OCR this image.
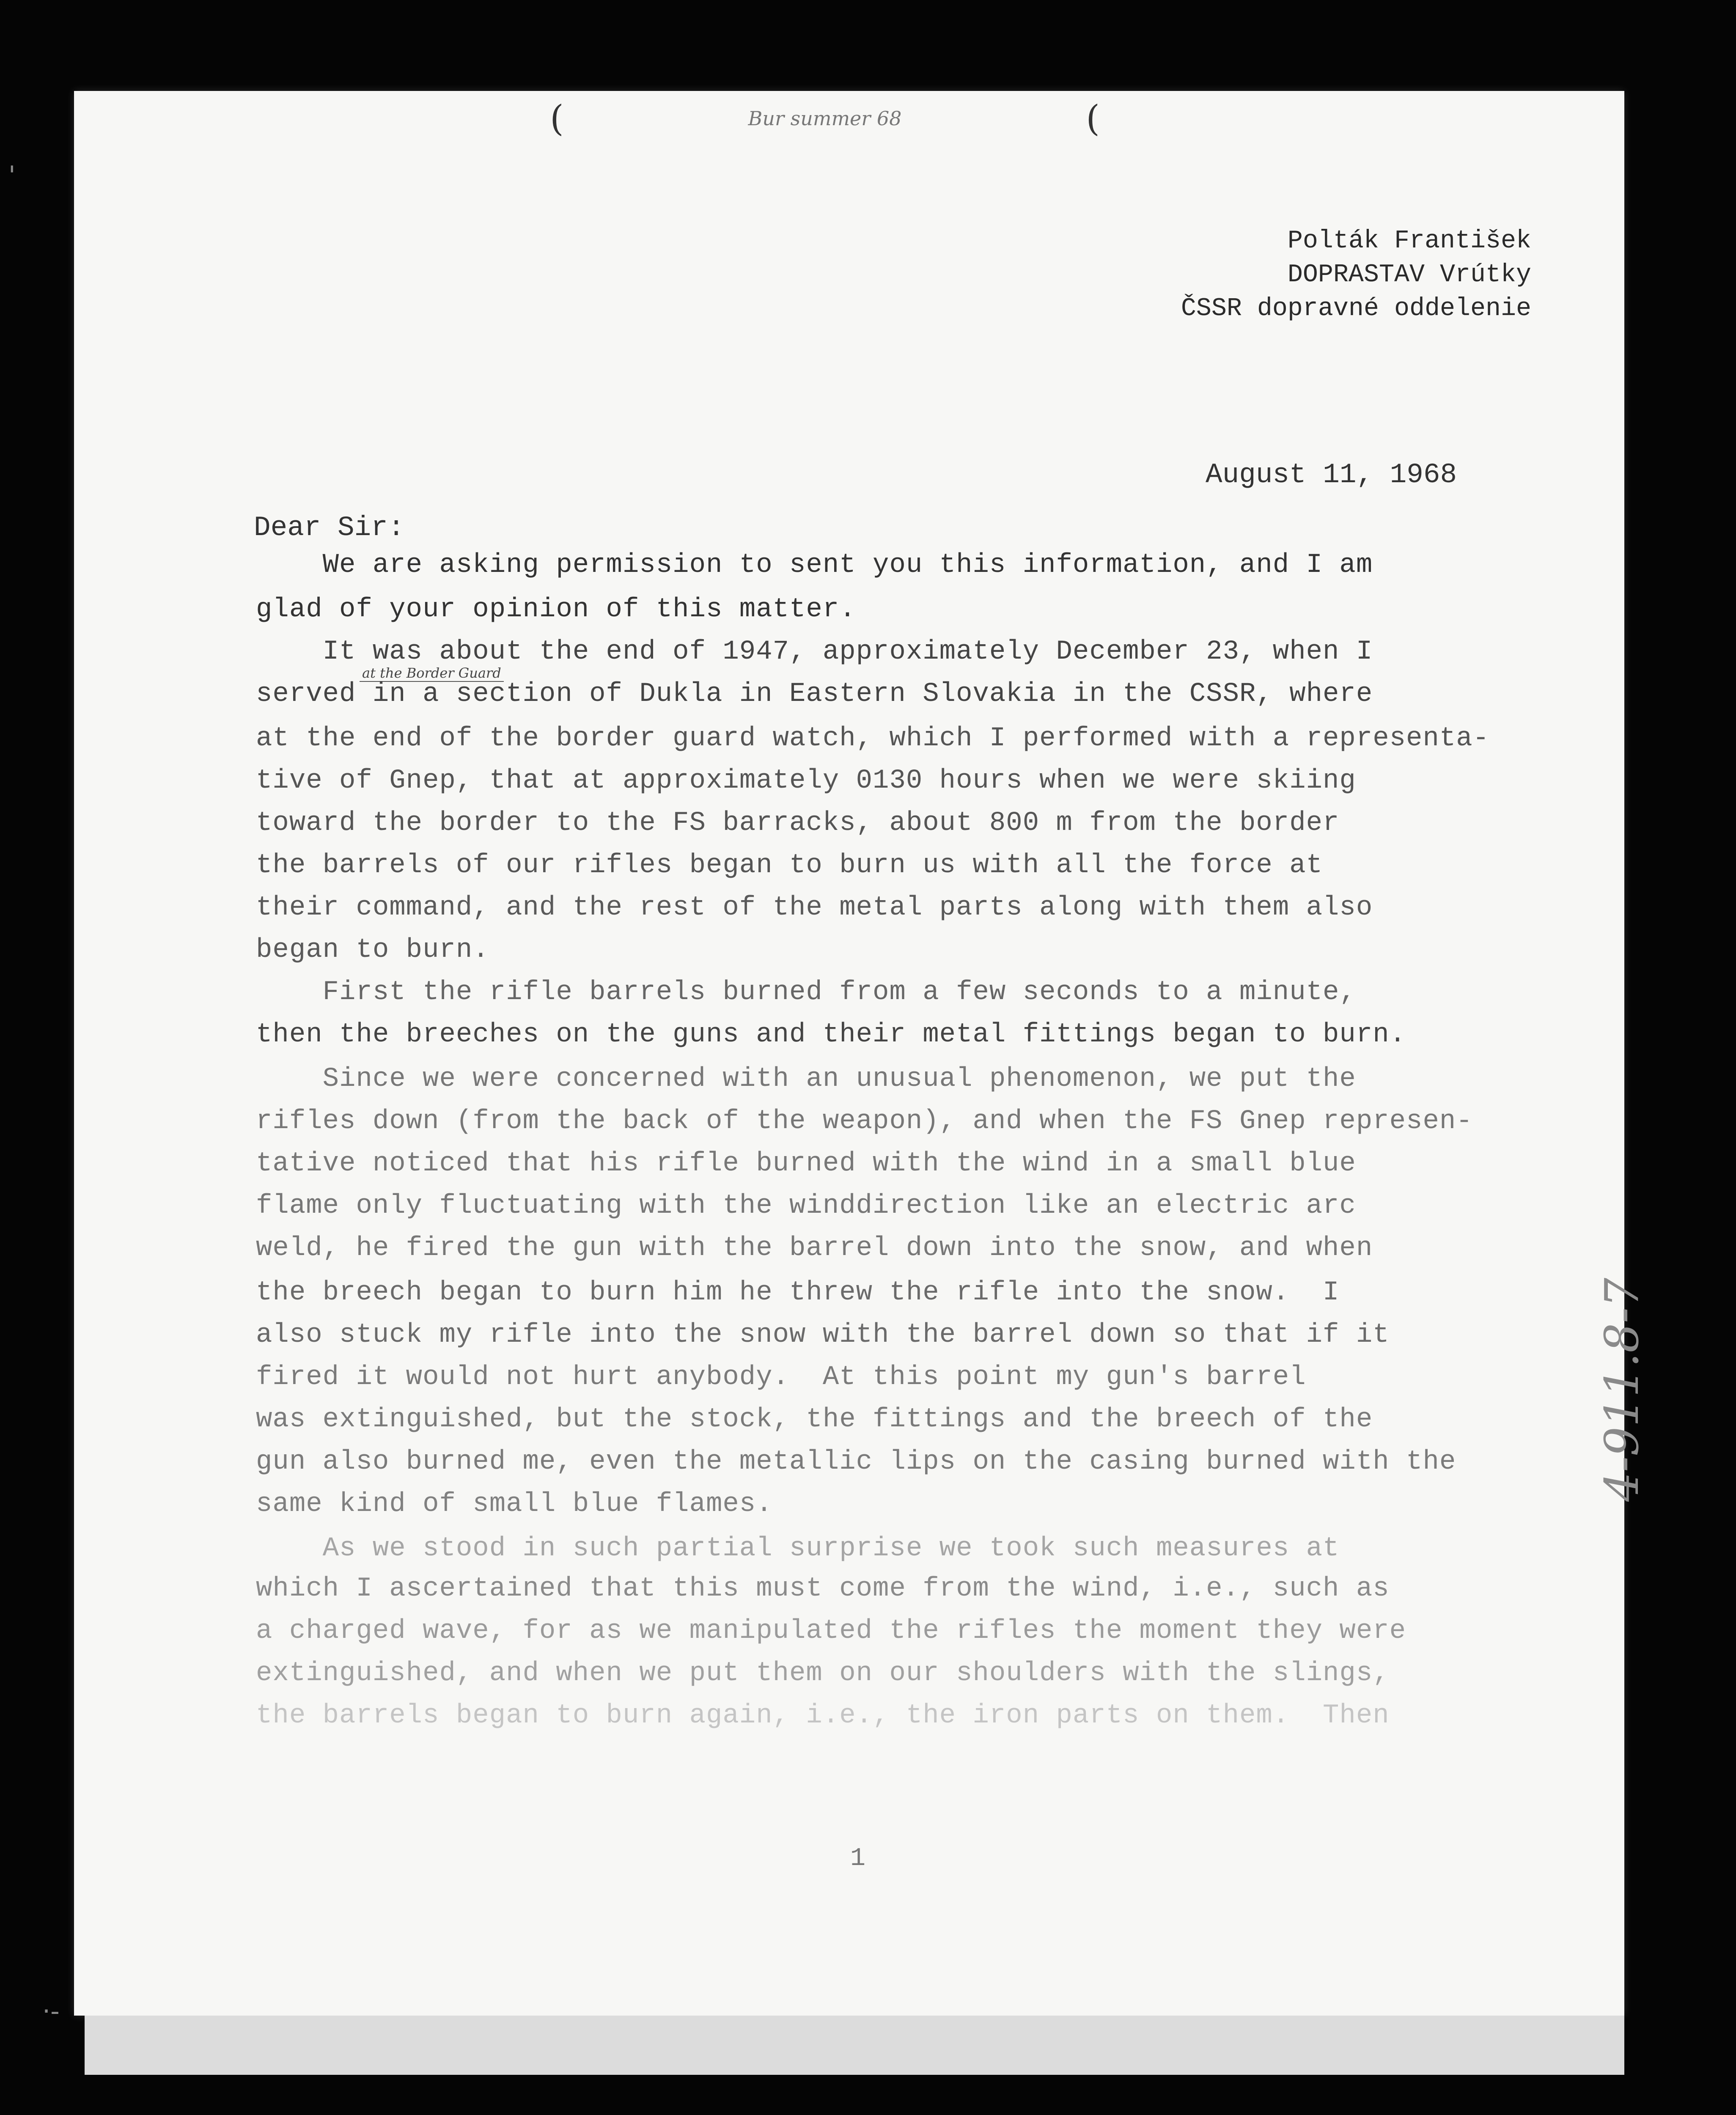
'
·-
(	Bur summer 68	(
Polták František
DOPRASTAV Vrútky
ČSSR dopravné oddelenie
August 11, 1968
Dear Sir:
at the Border Guard
We are asking permission to sent you this information, and I am
glad of your opinion of this matter.
It was about the end of 1947, approximately December 23, when I
served in a section of Dukla in Eastern Slovakia in the CSSR, where
at the end of the border guard watch, which I performed with a representa-
tive of Gnep, that at approximately 0130 hours when we were skiing
toward the border to the FS barracks, about 800 m from the border
the barrels of our rifles began to burn us with all the force at
their command, and the rest of the metal parts along with them also
began to burn.
First the rifle barrels burned from a few seconds to a minute,
then the breeches on the guns and their metal fittings began to burn.
Since we were concerned with an unusual phenomenon, we put the
rifles down (from the back of the weapon), and when the FS Gnep represen-
tative noticed that his rifle burned with the wind in a small blue
flame only fluctuating with the winddirection like an electric arc
weld, he fired the gun with the barrel down into the snow, and when
the breech began to burn him he threw the rifle into the snow.  I
also stuck my rifle into the snow with the barrel down so that if it
fired it would not hurt anybody.  At this point my gun's barrel
was extinguished, but the stock, the fittings and the breech of the
gun also burned me, even the metallic lips on the casing burned with the
same kind of small blue flames.
As we stood in such partial surprise we took such measures at
which I ascertained that this must come from the wind, i.e., such as
a charged wave, for as we manipulated the rifles the moment they were
extinguished, and when we put them on our shoulders with the slings,
the barrels began to burn again, i.e., the iron parts on them.  Then
1
4-911.8-7
